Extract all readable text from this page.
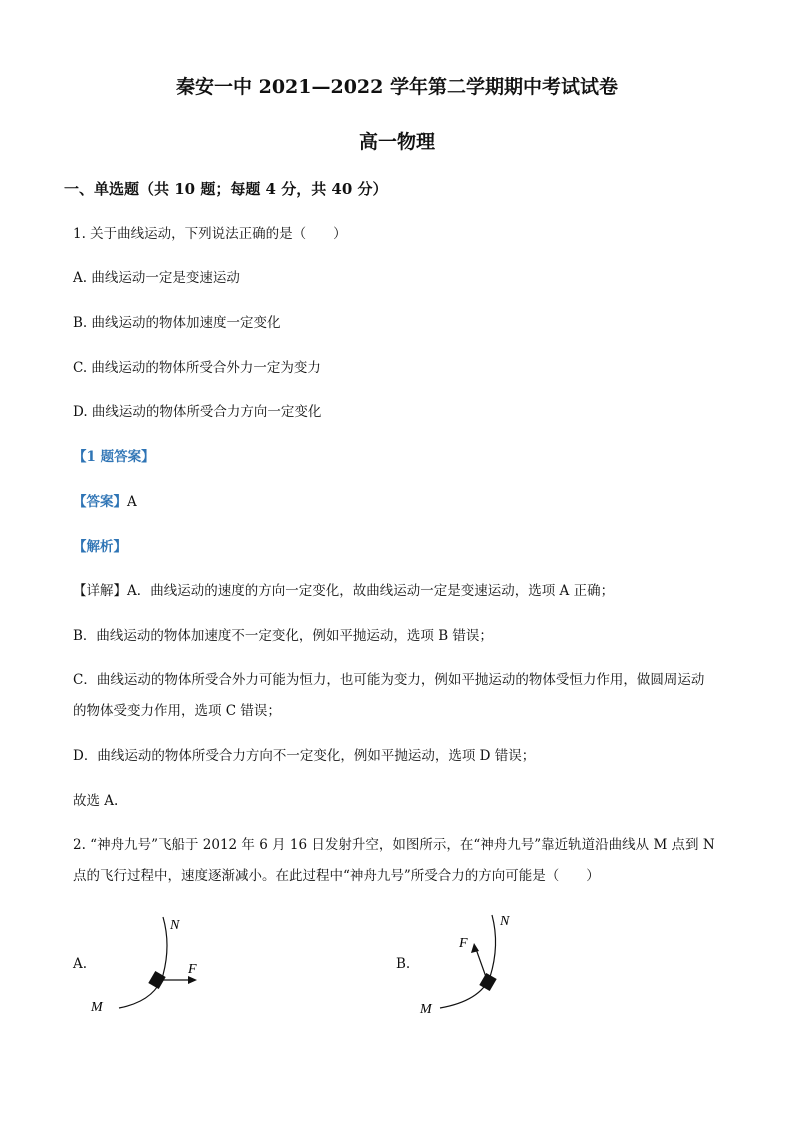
秦安一中 2021—2022 学年第二学期期中考试试卷
高一物理
一、单选题（共 10 题；每题 4 分，共 40 分）
1. 关于曲线运动，下列说法正确的是（　　）
A. 曲线运动一定是变速运动
B. 曲线运动的物体加速度一定变化
C. 曲线运动的物体所受合外力一定为变力
D. 曲线运动的物体所受合力方向一定变化
【1 题答案】
【答案】A
【解析】
【详解】A．曲线运动的速度的方向一定变化，故曲线运动一定是变速运动，选项 A 正确；
B．曲线运动的物体加速度不一定变化，例如平抛运动，选项 B 错误；
C．曲线运动的物体所受合外力可能为恒力，也可能为变力，例如平抛运动的物体受恒力作用，做圆周运动
的物体受变力作用，选项 C 错误；
D．曲线运动的物体所受合力方向不一定变化，例如平抛运动，选项 D 错误；
故选 A.
2. “神舟九号”飞船于 2012 年 6 月 16 日发射升空，如图所示，在“神舟九号”靠近轨道沿曲线从 M 点到 N
点的飞行过程中，速度逐渐减小。在此过程中“神舟九号”所受合力的方向可能是（　　）
A.
M
N
F	B.
M
N
F
